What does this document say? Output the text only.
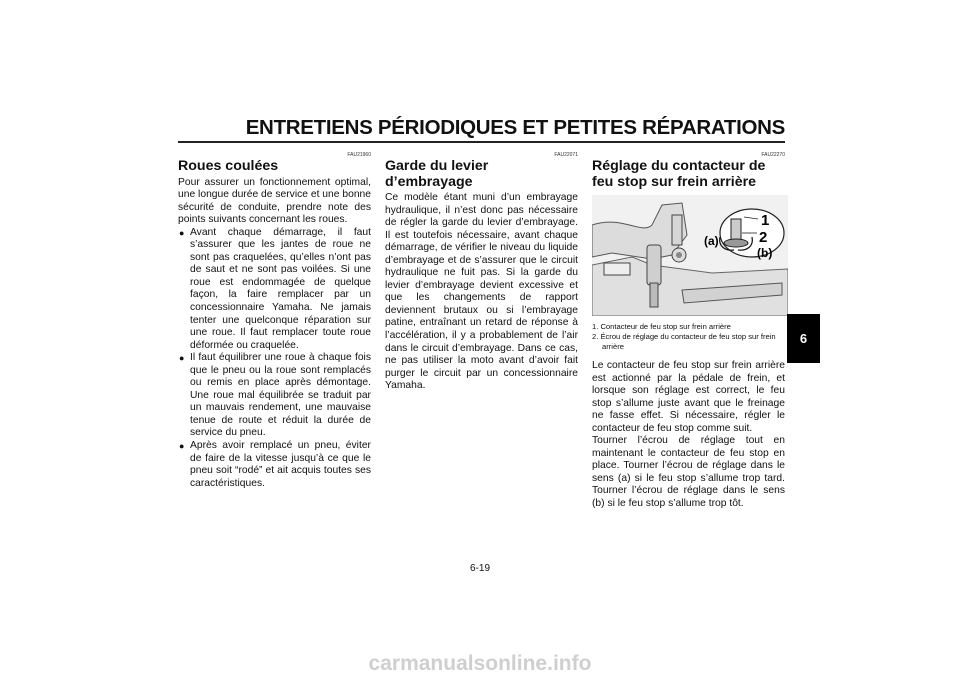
ENTRETIENS PÉRIODIQUES ET PETITES RÉPARATIONS
FAU21960
Roues coulées

Pour assurer un fonctionnement optimal, une longue durée de service et une bonne sécurité de conduite, prendre note des points suivants concernant les roues.

● Avant chaque démarrage, il faut s’assurer que les jantes de roue ne sont pas craquelées, qu’elles n’ont pas de saut et ne sont pas voilées. Si une roue est endommagée de quelque façon, la faire remplacer par un concessionnaire Yamaha. Ne jamais tenter une quelconque réparation sur une roue. Il faut remplacer toute roue déformée ou craquelée.
● Il faut équilibrer une roue à chaque fois que le pneu ou la roue sont remplacés ou remis en place après démontage. Une roue mal équilibrée se traduit par un mauvais rendement, une mauvaise tenue de route et réduit la durée de service du pneu.
● Après avoir remplacé un pneu, éviter de faire de la vitesse jusqu’à ce que le pneu soit “rodé” et ait acquis toutes ses caractéristiques.
FAU22071
Garde du levier d’embrayage

Ce modèle étant muni d’un embrayage hydraulique, il n’est donc pas nécessaire de régler la garde du levier d’embrayage. Il est toutefois nécessaire, avant chaque démarrage, de vérifier le niveau du liquide d’embrayage et de s’assurer que le circuit hydraulique ne fuit pas. Si la garde du levier d’embrayage devient excessive et que les changements de rapport deviennent brutaux ou si l’embrayage patine, entraînant un retard de réponse à l’accélération, il y a probablement de l’air dans le circuit d’embrayage. Dans ce cas, ne pas utiliser la moto avant d’avoir fait purger le circuit par un concessionnaire Yamaha.

FAU22270
Réglage du contacteur de feu stop sur frein arrière
1
2
(a)
(b)
1. Contacteur de feu stop sur frein arrière
2. Écrou de réglage du contacteur de feu stop sur frein arrière

Le contacteur de feu stop sur frein arrière est actionné par la pédale de frein, et lorsque son réglage est correct, le feu stop s’allume juste avant que le freinage ne fasse effet. Si nécessaire, régler le contacteur de feu stop comme suit.

Tourner l’écrou de réglage tout en maintenant le contacteur de feu stop en place. Tourner l’écrou de réglage dans le sens (a) si le feu stop s’allume trop tard. Tourner l’écrou de réglage dans le sens (b) si le feu stop s’allume trop tôt.

6
6-19
carmanualsonline.info
